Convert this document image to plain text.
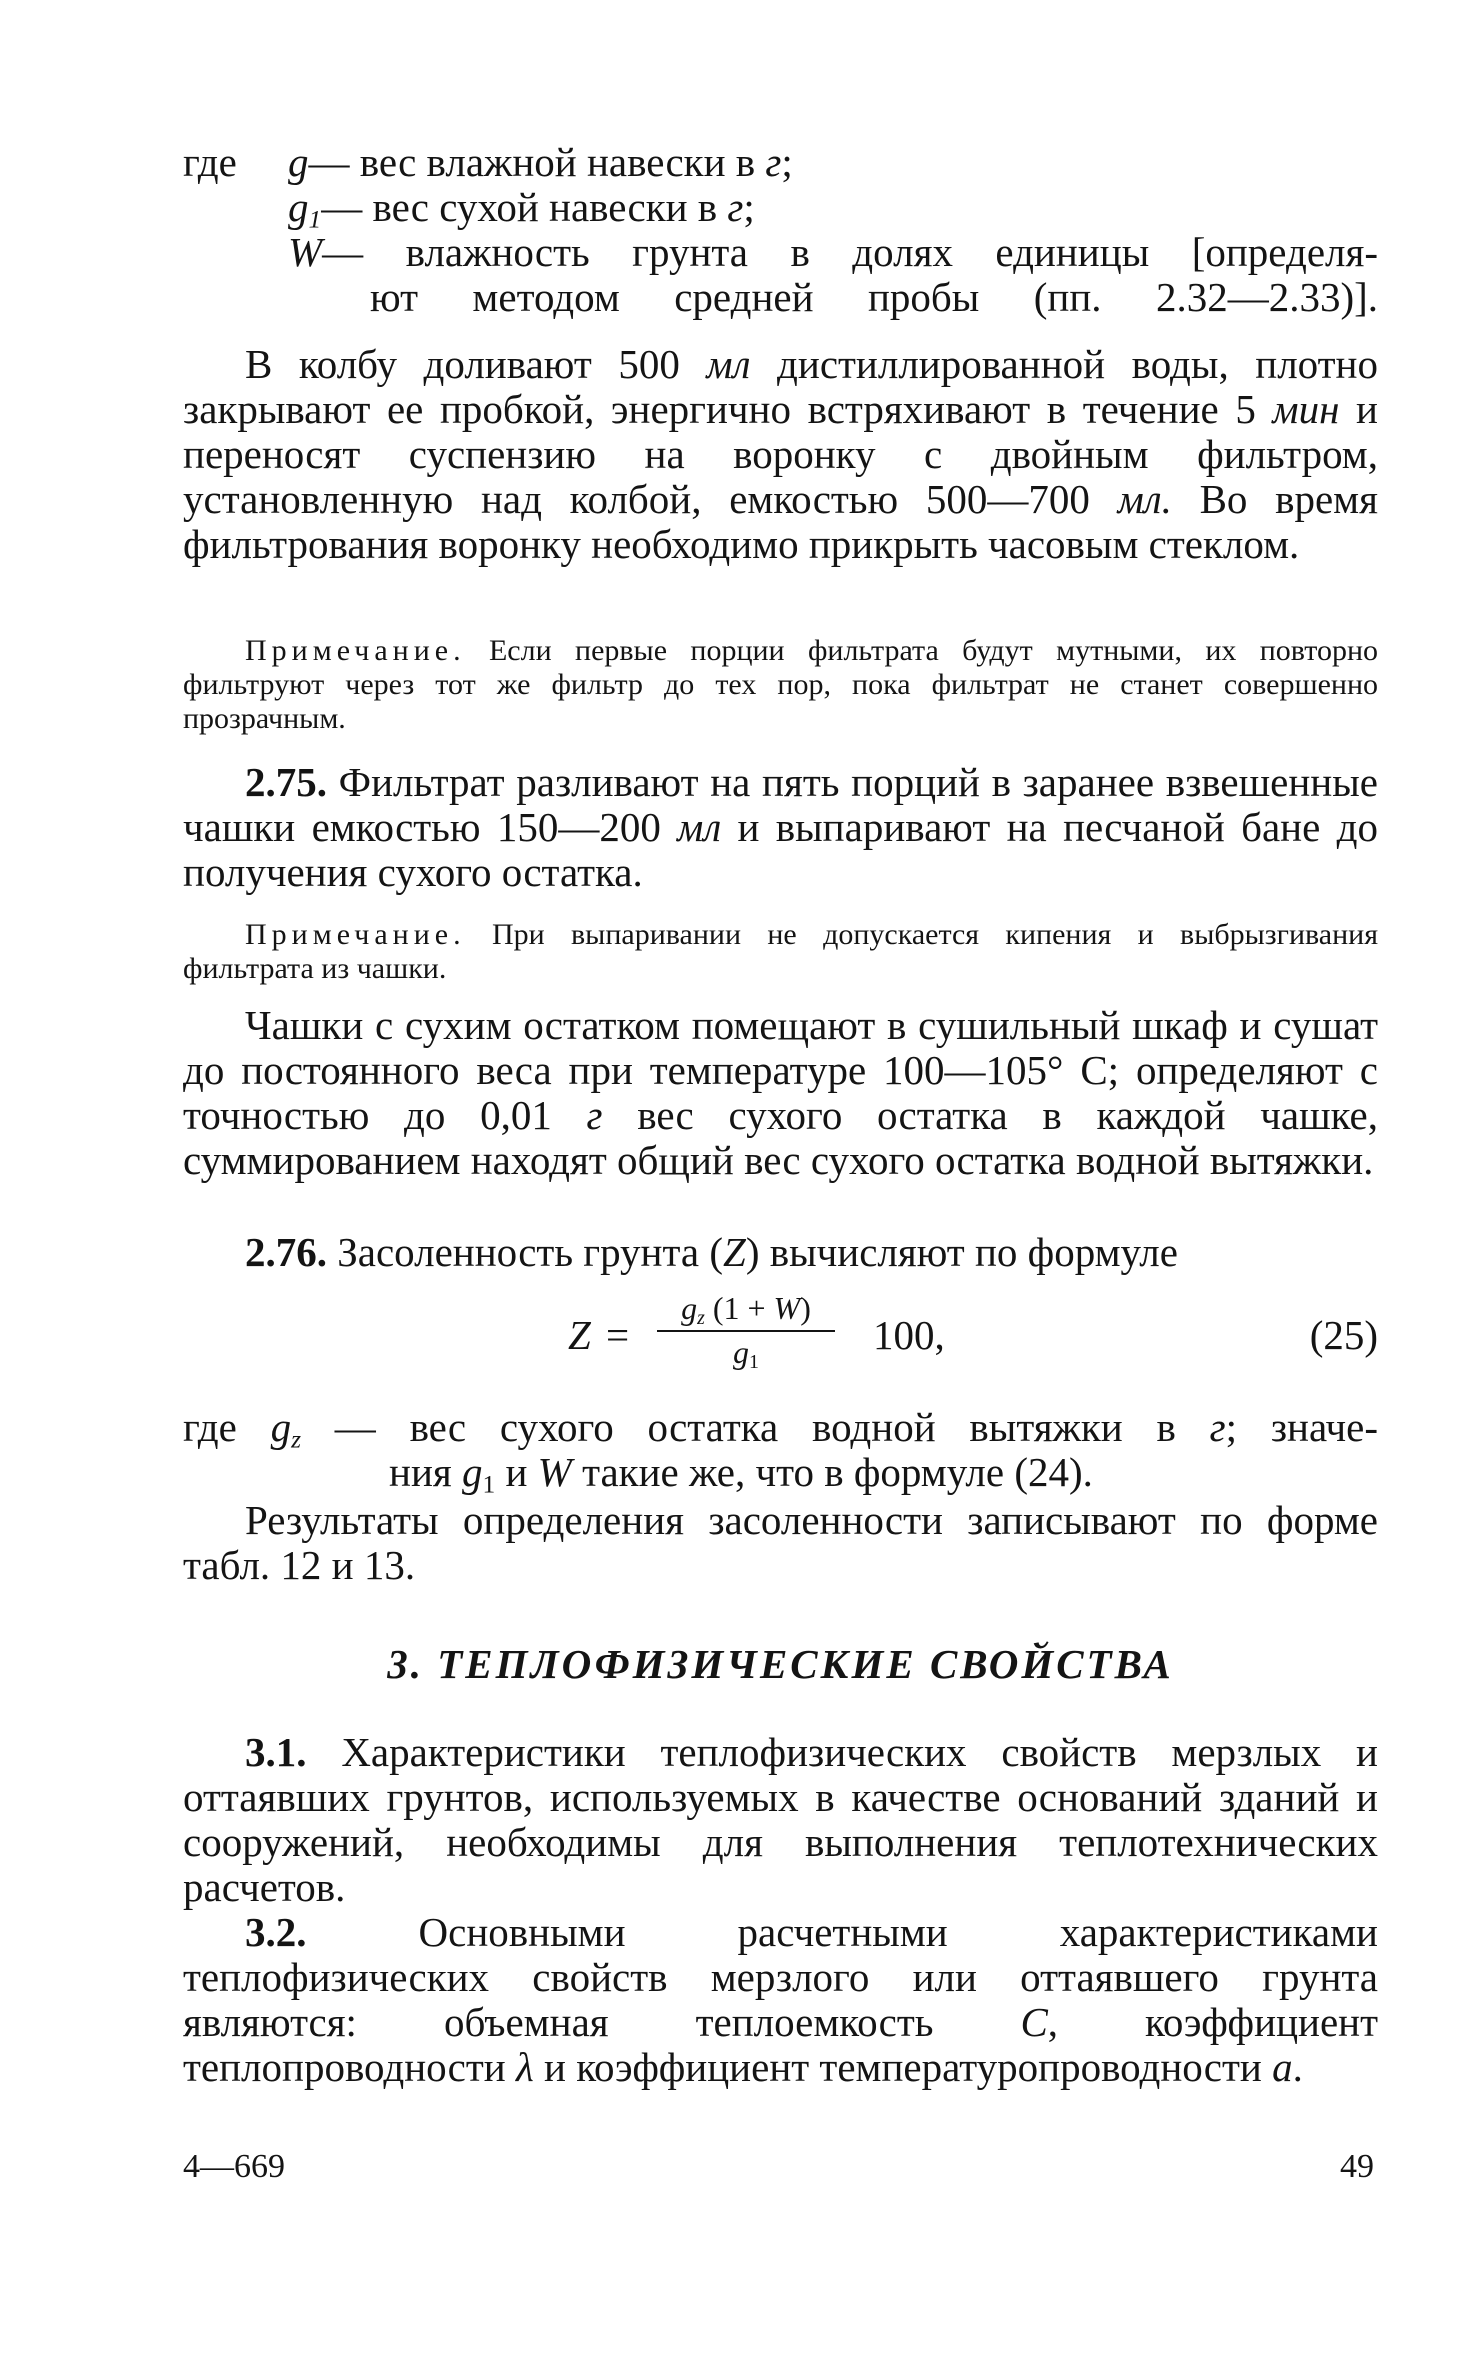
где	g — вес влажной навески в г;
$g_1$ — вес сухой навески в г;
W — влажность грунта в долях единицы [определя-
ют методом средней пробы (пп. 2.32—2.33)].
В колбу доливают 500 мл дистиллированной воды, плотно закрывают ее пробкой, энергично встряхивают в течение 5 мин и переносят суспензию на воронку с двойным фильтром, установленную над колбой, емкостью 500—700 мл. Во время фильтрования воронку необходимо прикрыть часовым стеклом.
Примечание. Если первые порции фильтрата будут мутными, их повторно фильтруют через тот же фильтр до тех пор, пока фильтрат не станет совершенно прозрачным.
2.75. Фильтрат разливают на пять порций в заранее взвешенные чашки емкостью 150—200 мл и выпаривают на песчаной бане до получения сухого остатка.
Примечание. При выпаривании не допускается кипения и выбрызгивания фильтрата из чашки.
Чашки с сухим остатком помещают в сушильный шкаф и сушат до постоянного веса при температуре 100—105° С; определяют с точностью до 0,01 г вес сухого остатка в каждой чашке, суммированием находят общий вес сухого остатка водной вытяжки.
2.76. Засоленность грунта (Z) вычисляют по формуле
$Z = \frac{g_z (1 + W)}{g_1} 100$,	(25)
где $g_z$ — вес сухого остатка водной вытяжки в г; значе-
ния $g_1$ и W такие же, что в формуле (24).
Результаты определения засоленности записывают по форме табл. 12 и 13.
3. ТЕПЛОФИЗИЧЕСКИЕ СВОЙСТВА
3.1. Характеристики теплофизических свойств мерзлых и оттаявших грунтов, используемых в качестве оснований зданий и сооружений, необходимы для выполнения теплотехнических расчетов.
3.2. Основными расчетными характеристиками теплофизических свойств мерзлого или оттаявшего грунта являются: объемная теплоемкость С, коэффициент теплопроводности λ и коэффициент температуропроводности а.
4—669	49
